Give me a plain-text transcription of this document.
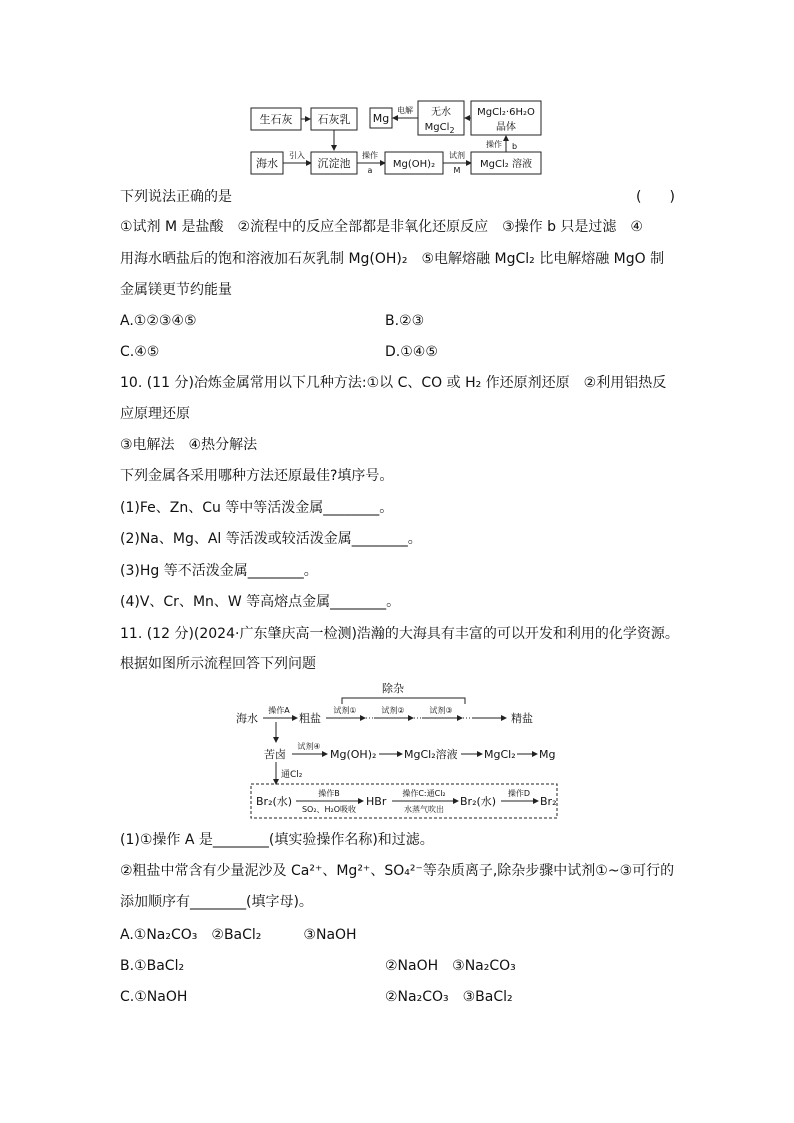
生石灰 石灰乳 Mg
电解 无水
MgCl 2
MgCl₂·6H₂O
晶体
操作 b
海水
引入
沉淀池
操作
a
Mg(OH)₂
试剂
M
MgCl₂ 溶液
下列说法正确的是	(　　)
①试剂 M 是盐酸　②流程中的反应全部都是非氧化还原反应　③操作 b 只是过滤　④
用海水晒盐后的饱和溶液加石灰乳制 Mg(OH)₂　⑤电解熔融 MgCl₂ 比电解熔融 MgO 制
金属镁更节约能量
A.①②③④⑤	B.②③
C.④⑤	D.①④⑤
10. (11 分)冶炼金属常用以下几种方法:①以 C、CO 或 H₂ 作还原剂还原　②利用铝热反
应原理还原
③电解法　④热分解法
下列金属各采用哪种方法还原最佳?填序号。
(1)Fe、Zn、Cu 等中等活泼金属________。
(2)Na、Mg、Al 等活泼或较活泼金属________。
(3)Hg 等不活泼金属________。
(4)V、Cr、Mn、W 等高熔点金属________。
11. (12 分)(2024·广东肇庆高一检测)浩瀚的大海具有丰富的可以开发和利用的化学资源。
根据如图所示流程回答下列问题
除杂
海水
操作A
粗盐
试剂①	试剂②	试剂③
精盐
苦卤
试剂④
Mg(OH)₂	MgCl₂溶液 MgCl₂ Mg
通Cl₂
Br₂(水)
操作B
SO₂、H₂O吸收
HBr
操作C:通Cl₂
水蒸气吹出
Br₂(水)
操作D
Br₂
(1)①操作 A 是________(填实验操作名称)和过滤。
②粗盐中常含有少量泥沙及 Ca²⁺、Mg²⁺、SO₄²⁻等杂质离子,除杂步骤中试剂①~③可行的
添加顺序有________(填字母)。
A.①Na₂CO₃　②BaCl₂　　　③NaOH
B.①BaCl₂	②NaOH　③Na₂CO₃
C.①NaOH	②Na₂CO₃　③BaCl₂
